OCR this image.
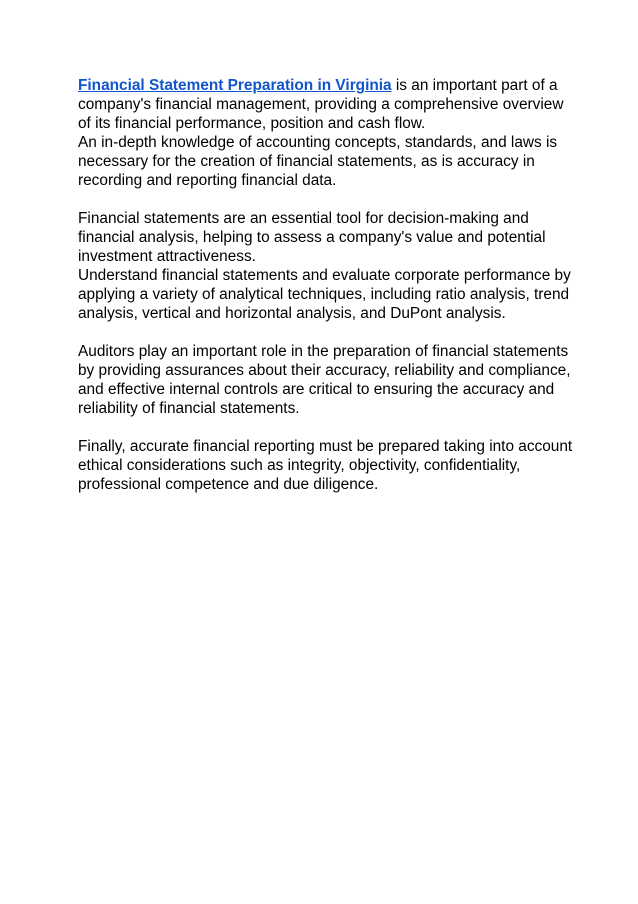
Financial Statement Preparation in Virginia is an important part of a
company's financial management, providing a comprehensive overview
of its financial performance, position and cash flow.
An in-depth knowledge of accounting concepts, standards, and laws is
necessary for the creation of financial statements, as is accuracy in
recording and reporting financial data.

Financial statements are an essential tool for decision-making and
financial analysis, helping to assess a company's value and potential
investment attractiveness.
Understand financial statements and evaluate corporate performance by
applying a variety of analytical techniques, including ratio analysis, trend
analysis, vertical and horizontal analysis, and DuPont analysis.

Auditors play an important role in the preparation of financial statements
by providing assurances about their accuracy, reliability and compliance,
and effective internal controls are critical to ensuring the accuracy and
reliability of financial statements.

Finally, accurate financial reporting must be prepared taking into account
ethical considerations such as integrity, objectivity, confidentiality,
professional competence and due diligence.
